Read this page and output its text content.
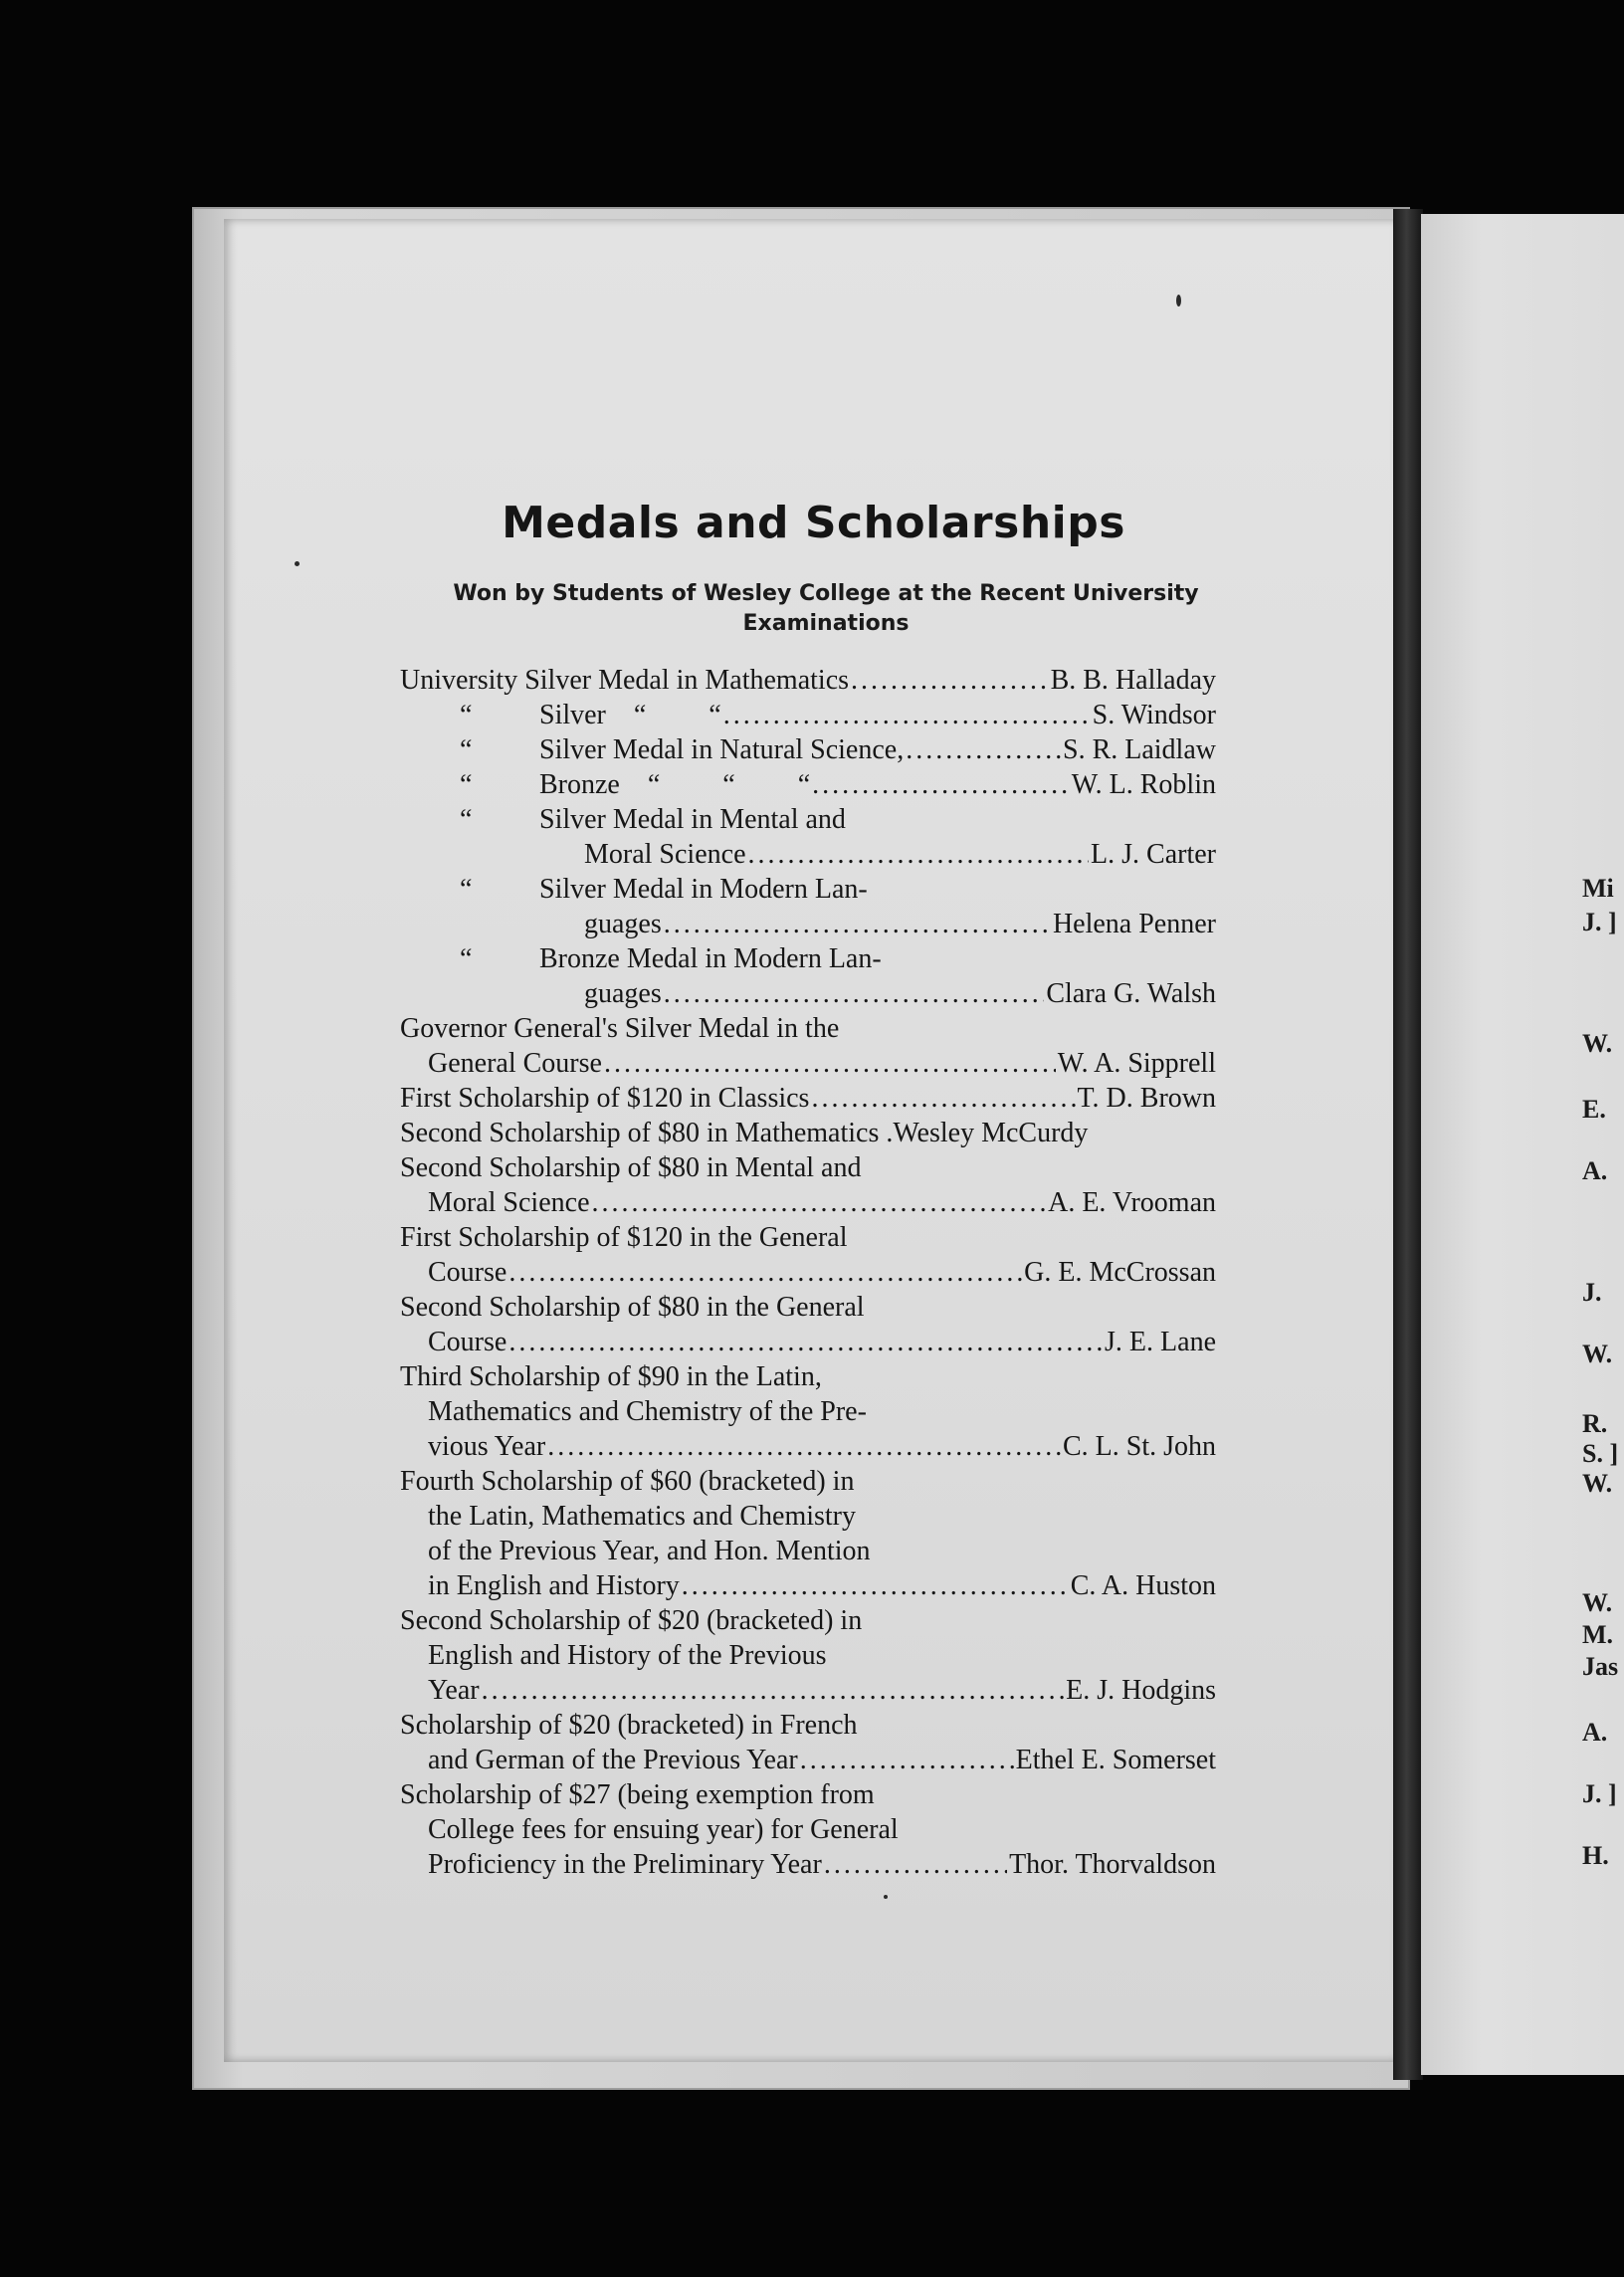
Medals and Scholarships
Won by Students of Wesley College at the Recent University Examinations
University Silver Medal in Mathematics . . .	B. B. Halladay
“	Silver    “         “ . . .	S. Windsor
“	Silver Medal in Natural Science, . . .	S. R. Laidlaw
“	Bronze    “         “         “ . . .	W. L. Roblin
“	Silver Medal in Mental and
Moral Science . . .	L. J. Carter
“	Silver Medal in Modern Lan-
guages . . .	Helena Penner
“	Bronze Medal in Modern Lan-
guages . . .	Clara G. Walsh
Governor General's Silver Medal in the
General Course . . .	W. A. Sipprell
First Scholarship of $120 in Classics . . .	T. D. Brown
Second Scholarship of $80 in Mathematics . Wesley McCurdy
Second Scholarship of $80 in Mental and
Moral Science . . .	A. E. Vrooman
First Scholarship of $120 in the General
Course . . .	G. E. McCrossan
Second Scholarship of $80 in the General
Course . . .	J. E. Lane
Third Scholarship of $90 in the Latin,
Mathematics and Chemistry of the Pre-
vious Year . . .	C. L. St. John
Fourth Scholarship of $60 (bracketed) in
the Latin, Mathematics and Chemistry
of the Previous Year, and Hon. Mention
in English and History . . .	C. A. Huston
Second Scholarship of $20 (bracketed) in
English and History of the Previous
Year . . .	E. J. Hodgins
Scholarship of $20 (bracketed) in French
and German of the Previous Year . . .	Ethel E. Somerset
Scholarship of $27 (being exemption from
College fees for ensuing year) for General
Proficiency in the Preliminary Year . . .	Thor. Thorvaldson
Mi
J. ]
W.
E.
A.
J.
W.
R.
S. ]
W.
W.
M.
Jas
A.
J. ]
H.
